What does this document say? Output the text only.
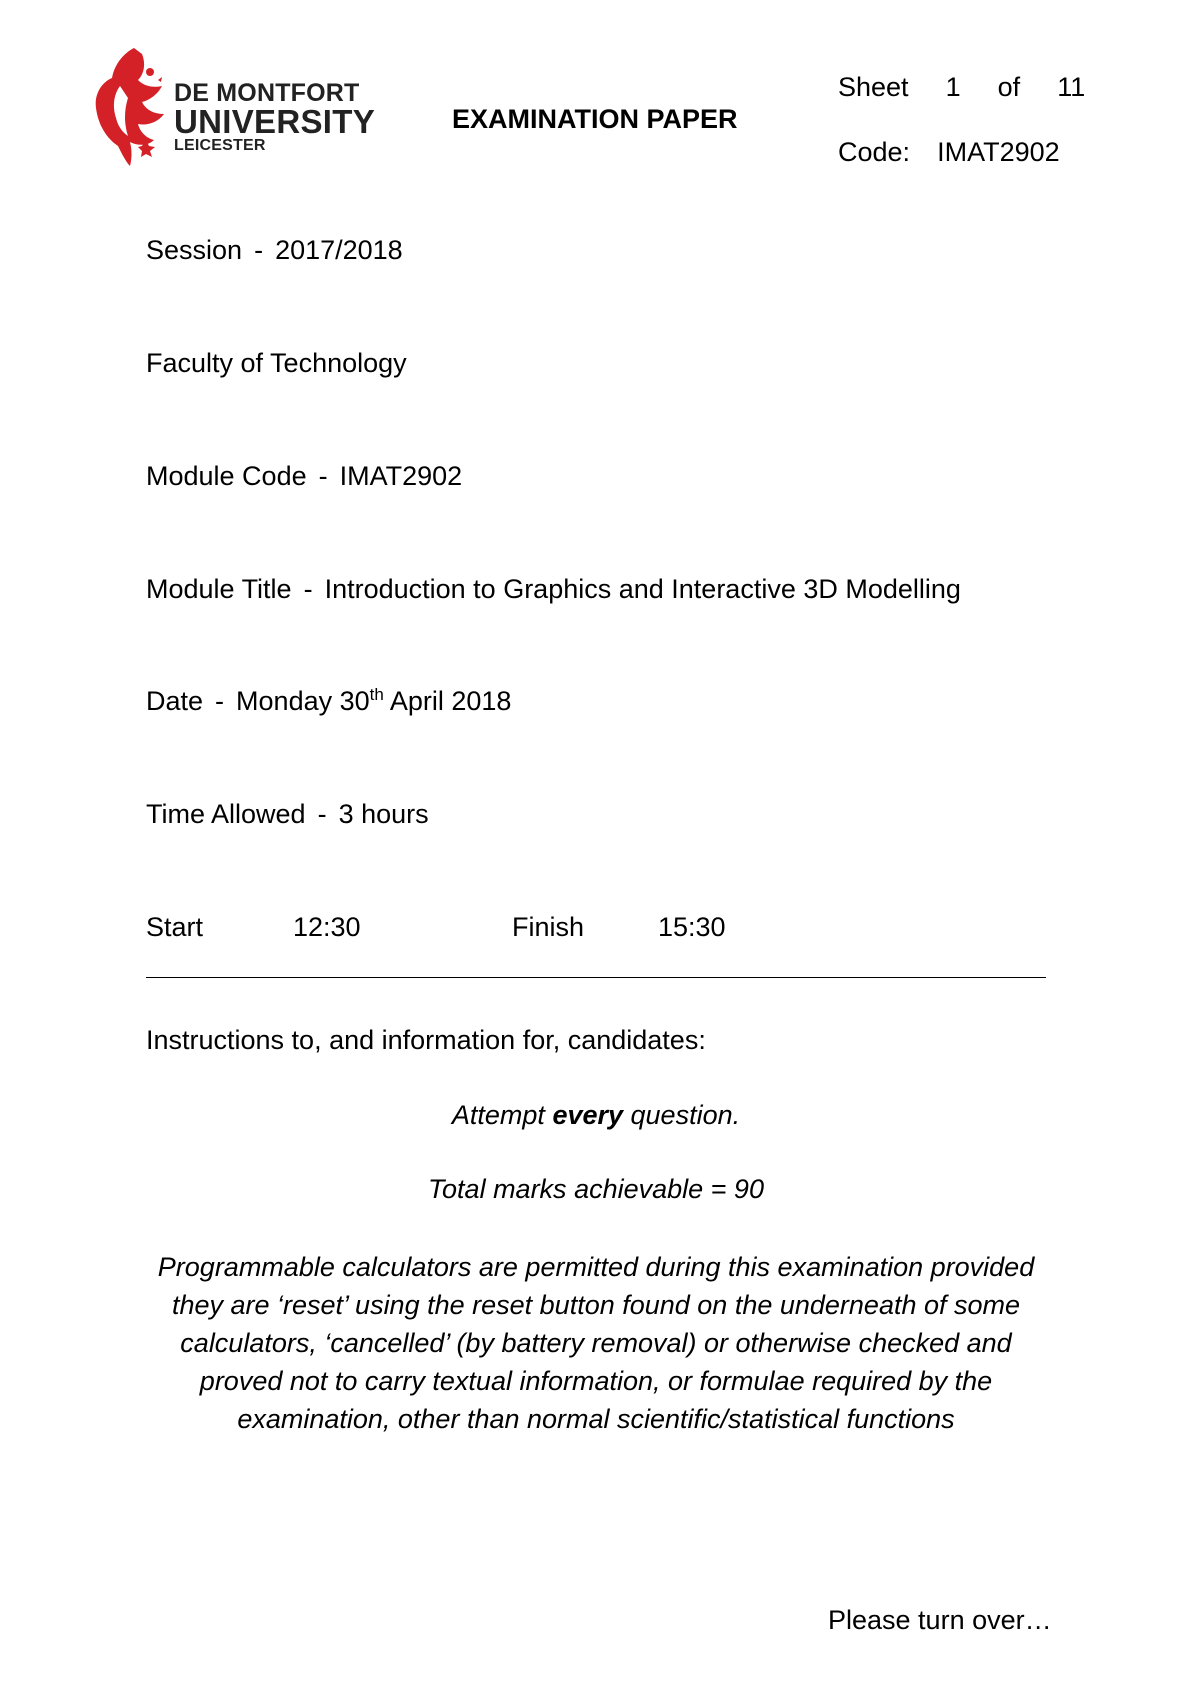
DE MONTFORT
UNIVERSITY
LEICESTER
EXAMINATION PAPER
Sheet 1 of 11
Code: IMAT2902
Session - 2017/2018
Faculty of Technology
Module Code - IMAT2902
Module Title - Introduction to Graphics and Interactive 3D Modelling
Date - Monday 30th April 2018
Time Allowed - 3 hours
Start	12:30	Finish	15:30
Instructions to, and information for, candidates:
Attempt every question.
Total marks achievable = 90
Programmable calculators are permitted during this examination provided they are ‘reset’ using the reset button found on the underneath of some calculators, ‘cancelled’ (by battery removal) or otherwise checked and proved not to carry textual information, or formulae required by the examination, other than normal scientific/statistical functions
Please turn over…
